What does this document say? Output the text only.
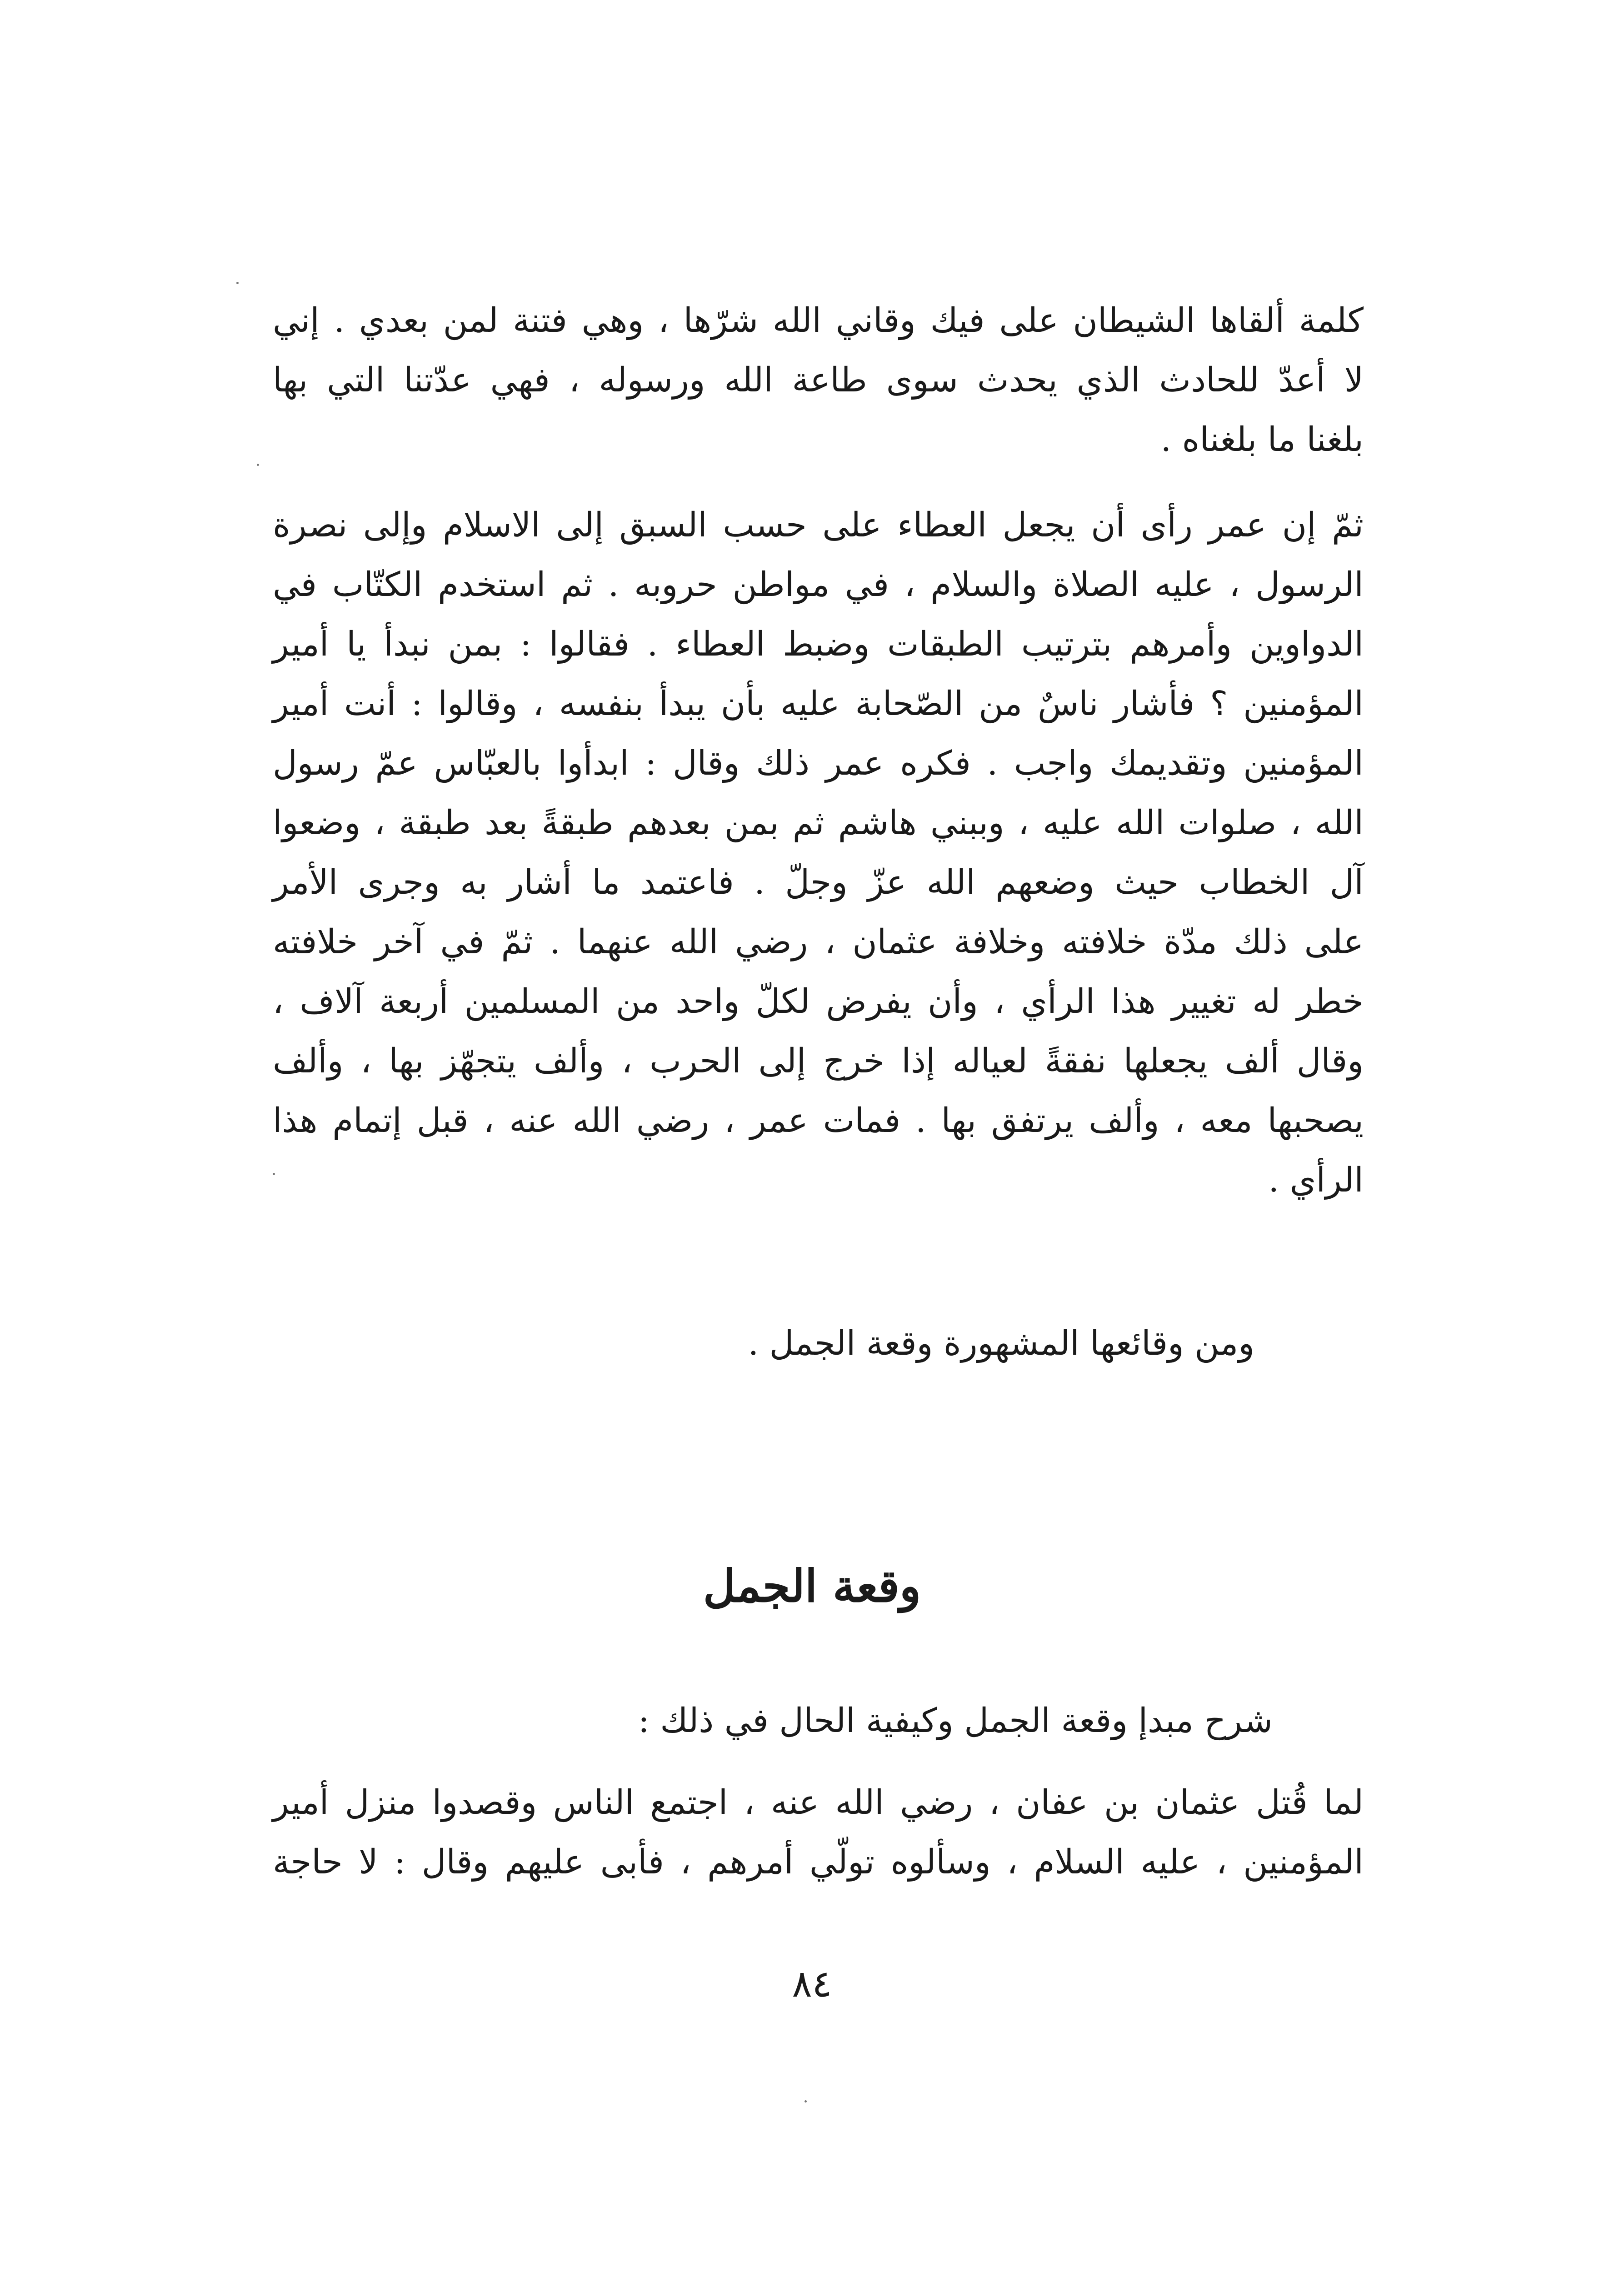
كلمة ألقاها الشيطان على فيك وقاني الله شرّها ، وهي فتنة لمن بعدي . إني
لا أعدّ للحادث الذي يحدث سوى طاعة الله ورسوله ، فهي عدّتنا التي بها
بلغنا ما بلغناه .
ثمّ إن عمر رأى أن يجعل العطاء على حسب السبق إلى الاسلام وإلى نصرة
الرسول ، عليه الصلاة والسلام ، في مواطن حروبه . ثم استخدم الكتّاب في
الدواوين وأمرهم بترتيب الطبقات وضبط العطاء . فقالوا : بمن نبدأ يا أمير
المؤمنين ؟ فأشار ناسٌ من الصّحابة عليه بأن يبدأ بنفسه ، وقالوا : أنت أمير
المؤمنين وتقديمك واجب . فكره عمر ذلك وقال : ابدأوا بالعبّاس عمّ رسول
الله ، صلوات الله عليه ، وببني هاشم ثم بمن بعدهم طبقةً بعد طبقة ، وضعوا
آل الخطاب حيث وضعهم الله عزّ وجلّ . فاعتمد ما أشار به وجرى الأمر
على ذلك مدّة خلافته وخلافة عثمان ، رضي الله عنهما . ثمّ في آخر خلافته
خطر له تغيير هذا الرأي ، وأن يفرض لكلّ واحد من المسلمين أربعة آلاف ،
وقال ألف يجعلها نفقةً لعياله إذا خرج إلى الحرب ، وألف يتجهّز بها ، وألف
يصحبها معه ، وألف يرتفق بها . فمات عمر ، رضي الله عنه ، قبل إتمام هذا
الرأي .
ومن وقائعها المشهورة وقعة الجمل .
وقعة الجمل
شرح مبدإ وقعة الجمل وكيفية الحال في ذلك :
لما قُتل عثمان بن عفان ، رضي الله عنه ، اجتمع الناس وقصدوا منزل أمير
المؤمنين ، عليه السلام ، وسألوه تولّي أمرهم ، فأبى عليهم وقال : لا حاجة
٨٤
